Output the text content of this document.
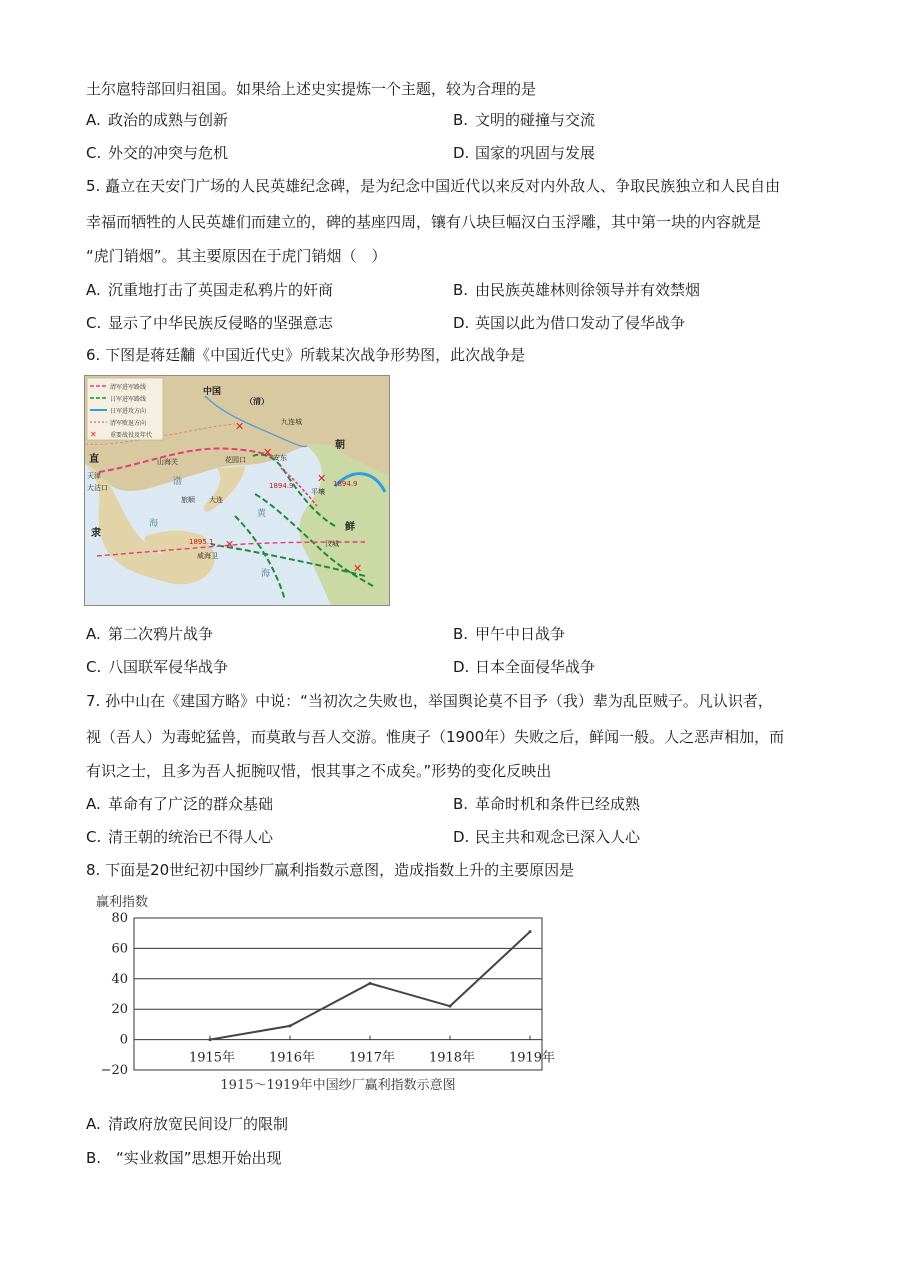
土尔扈特部回归祖国。如果给上述史实提炼一个主题，较为合理的是
A. 政治的成熟与创新	B. 文明的碰撞与交流
C. 外交的冲突与危机	D. 国家的巩固与发展
5. 矗立在天安门广场的人民英雄纪念碑，是为纪念中国近代以来反对内外敌人、争取民族独立和人民自由
幸福而牺牲的人民英雄们而建立的，碑的基座四周，镶有八块巨幅汉白玉浮雕，其中第一块的内容就是
“虎门销烟”。其主要原因在于虎门销烟（　）
A. 沉重地打击了英国走私鸦片的奸商	B. 由民族英雄林则徐领导并有效禁烟
C. 显示了中华民族反侵略的坚强意志	D. 英国以此为借口发动了侵华战争
6. 下图是蒋廷黼《中国近代史》所载某次战争形势图，此次战争是
✕
✕
✕
✕
✕
✕
清军进军路线
日军进军路线
日军进攻方向
清军败退方向
重要战役及年代
中国
（清）
朝
鲜
直
隶
渤
海
黄
海
天津
大沽口
山海关	花园口
旅顺 大连
九连城
安东
平壤
汉城
威海卫
1894.9	1894.9
1895.1
A. 第二次鸦片战争	B. 甲午中日战争
C. 八国联军侵华战争	D. 日本全面侵华战争
7. 孙中山在《建国方略》中说：“当初次之失败也，举国舆论莫不目予（我）辈为乱臣贼子。凡认识者，
视（吾人）为毒蛇猛兽，而莫敢与吾人交游。惟庚子（1900年）失败之后，鲜闻一般。人之恶声相加，而
有识之士，且多为吾人扼腕叹惜，恨其事之不成矣。”形势的变化反映出
A. 革命有了广泛的群众基础	B. 革命时机和条件已经成熟
C. 清王朝的统治已不得人心	D. 民主共和观念已深入人心
8. 下面是20世纪初中国纱厂赢利指数示意图，造成指数上升的主要原因是
赢利指数
−20
0
20
40
60
80
1915年	1916年	1917年	1918年	1919年
1915～1919年中国纱厂赢利指数示意图
A. 清政府放宽民间设厂的限制
B. “实业救国”思想开始出现
